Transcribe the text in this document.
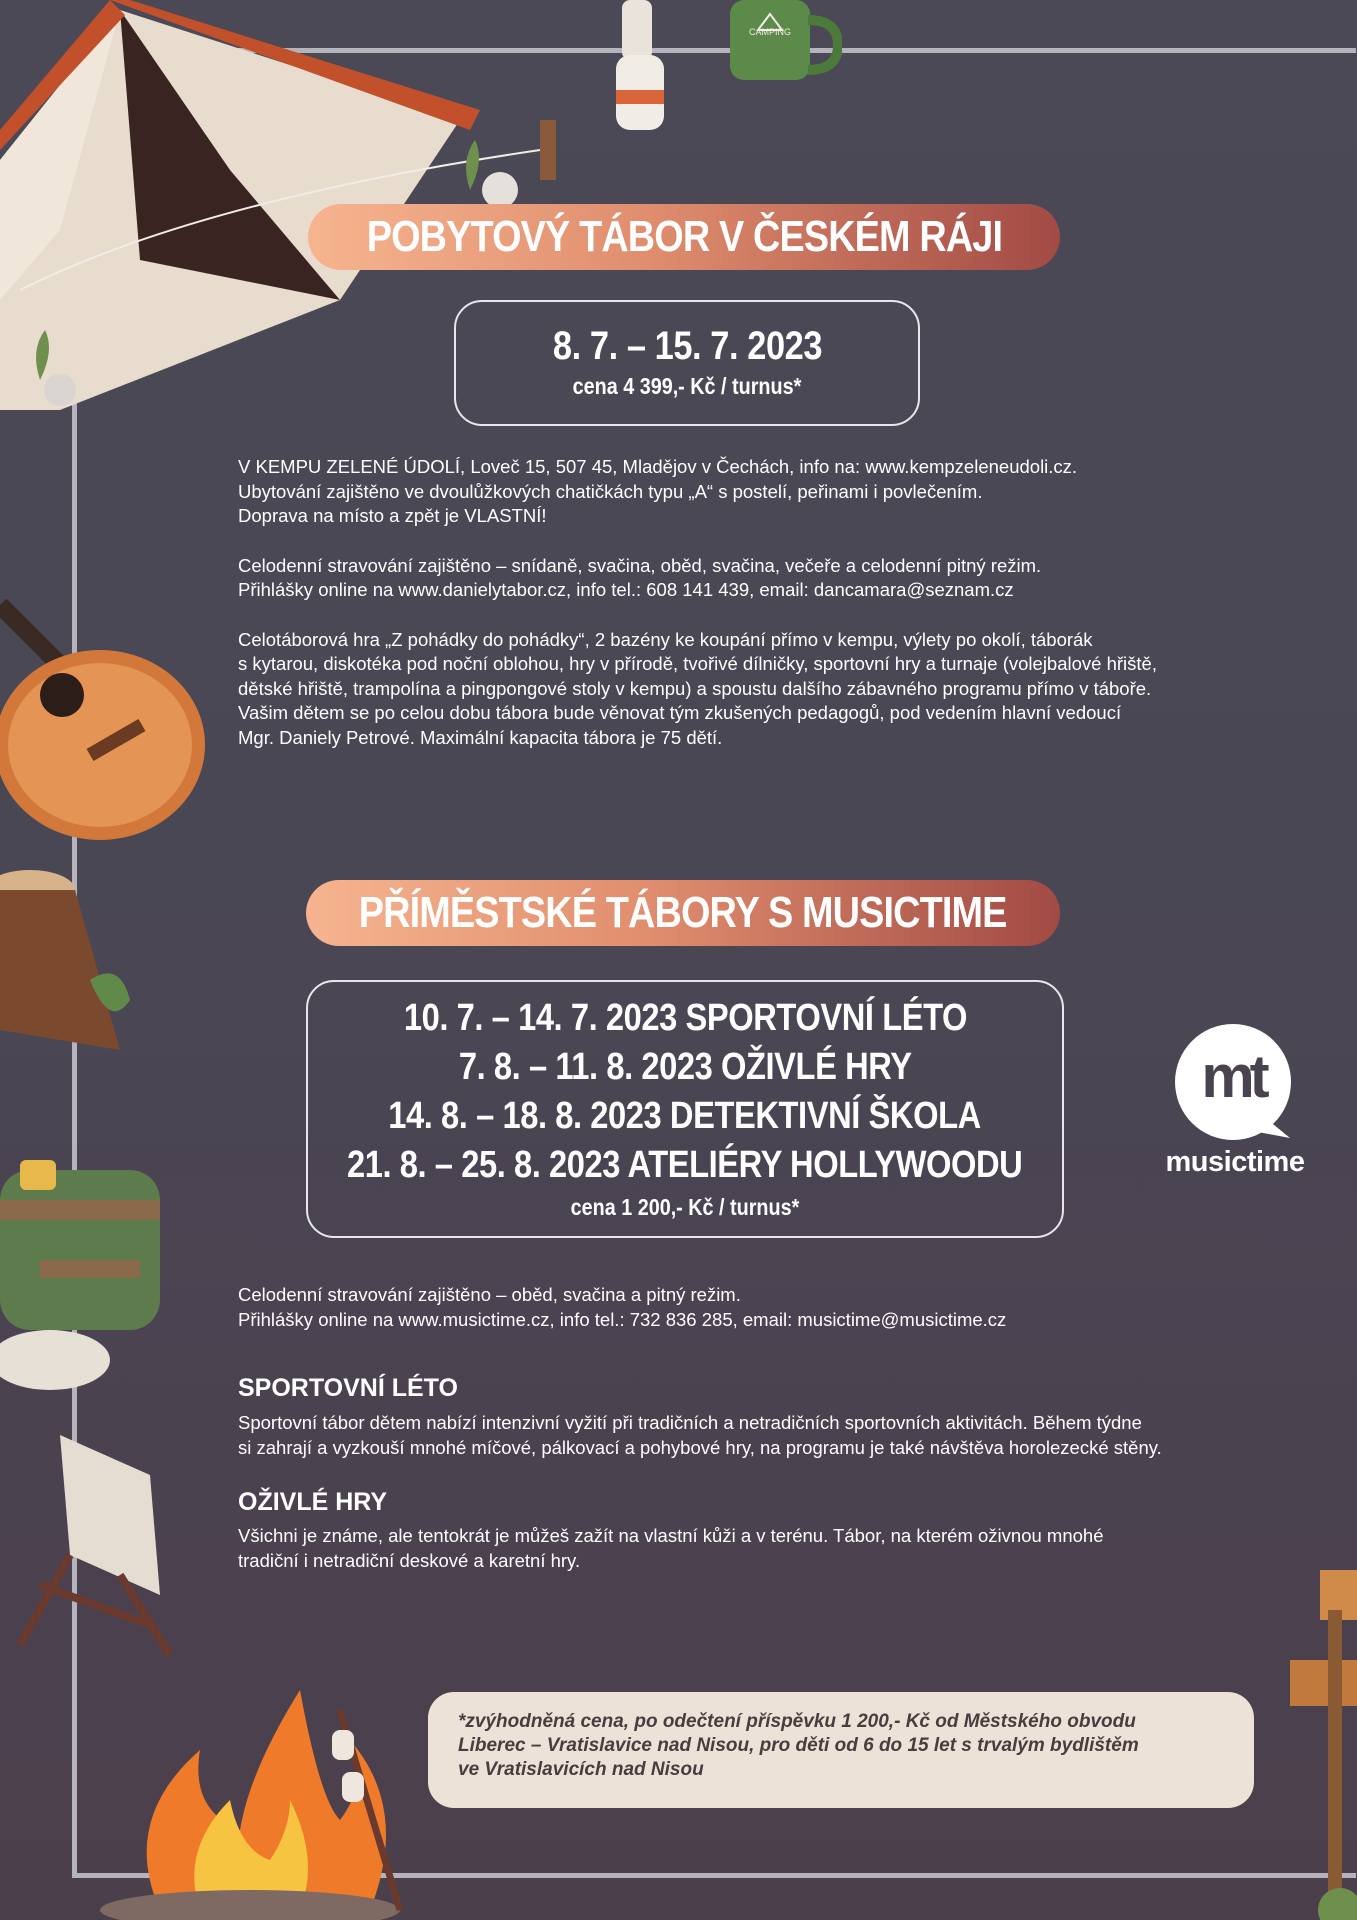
CAMPING
POBYTOVÝ TÁBOR V ČESKÉM RÁJI
8. 7. – 15. 7. 2023
cena 4 399,- Kč / turnus*

V KEMPU ZELENÉ ÚDOLÍ, Loveč 15, 507 45, Mladějov v Čechách, info na: www.kempzeleneudoli.cz.
Ubytování zajištěno ve dvoulůžkových chatičkách typu „A“ s postelí, peřinami i povlečením.
Doprava na místo a zpět je VLASTNÍ!

Celodenní stravování zajištěno – snídaně, svačina, oběd, svačina, večeře a celodenní pitný režim.
Přihlášky online na www.danielytabor.cz, info tel.: 608 141 439, email: dancamara@seznam.cz

Celotáborová hra „Z pohádky do pohádky“, 2 bazény ke koupání přímo v kempu, výlety po okolí, táborák
s kytarou, diskotéka pod noční oblohou, hry v přírodě, tvořivé dílničky, sportovní hry a turnaje (volejbalové hřiště,
dětské hřiště, trampolína a pingpongové stoly v kempu) a spoustu dalšího zábavného programu přímo v táboře.
Vašim dětem se po celou dobu tábora bude věnovat tým zkušených pedagogů, pod vedením hlavní vedoucí
Mgr. Daniely Petrové. Maximální kapacita tábora je 75 dětí.

PŘÍMĚSTSKÉ TÁBORY S MUSICTIME
10. 7. – 14. 7. 2023 SPORTOVNÍ LÉTO
7. 8. – 11. 8. 2023 OŽIVLÉ HRY
14. 8. – 18. 8. 2023 DETEKTIVNÍ ŠKOLA
21. 8. – 25. 8. 2023 ATELIÉRY HOLLYWOODU
cena 1 200,- Kč / turnus*
mt
musictime
Celodenní stravování zajištěno – oběd, svačina a pitný režim.
Přihlášky online na www.musictime.cz, info tel.: 732 836 285, email: musictime@musictime.cz
SPORTOVNÍ LÉTO
Sportovní tábor dětem nabízí intenzivní vyžití při tradičních a netradičních sportovních aktivitách. Během týdne
si zahrají a vyzkouší mnohé míčové, pálkovací a pohybové hry, na programu je také návštěva horolezecké stěny.
OŽIVLÉ HRY
Všichni je známe, ale tentokrát je můžeš zažít na vlastní kůži a v terénu. Tábor, na kterém oživnou mnohé
tradiční i netradiční deskové a karetní hry.
*zvýhodněná cena, po odečtení příspěvku 1 200,- Kč od Městského obvodu
Liberec – Vratislavice nad Nisou, pro děti od 6 do 15 let s trvalým bydlištěm
ve Vratislavicích nad Nisou
